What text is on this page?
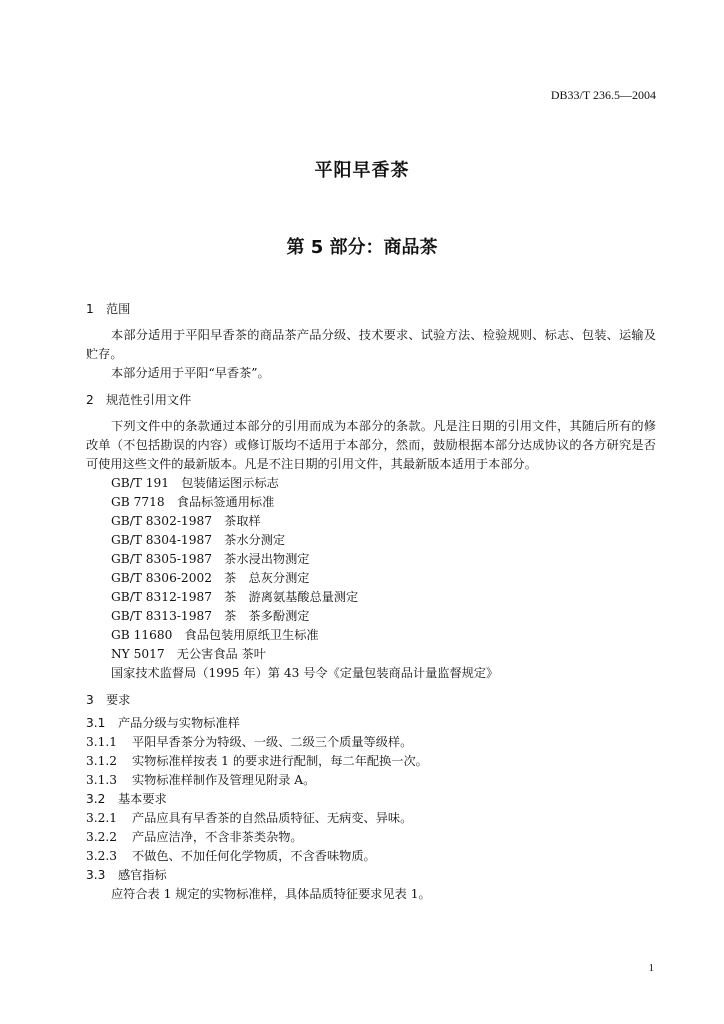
DB33/T 236.5—2004
平阳早香茶
第 5 部分：商品茶
1 范围

本部分适用于平阳早香茶的商品茶产品分级、技术要求、试验方法、检验规则、标志、包装、运输及贮存。

本部分适用于平阳“早香茶”。

2 规范性引用文件

下列文件中的条款通过本部分的引用而成为本部分的条款。凡是注日期的引用文件，其随后所有的修改单（不包括勘误的内容）或修订版均不适用于本部分，然而，鼓励根据本部分达成协议的各方研究是否可使用这些文件的最新版本。凡是不注日期的引用文件，其最新版本适用于本部分。

GB/T 191　包装储运图示标志
GB 7718　食品标签通用标准
GB/T 8302-1987　茶取样
GB/T 8304-1987　茶水分测定
GB/T 8305-1987　茶水浸出物测定
GB/T 8306-2002　茶　总灰分测定
GB/T 8312-1987　茶　游离氨基酸总量测定
GB/T 8313-1987　茶　茶多酚测定
GB 11680　食品包装用原纸卫生标准
NY 5017　无公害食品 茶叶
国家技术监督局（1995 年）第 43 号令《定量包装商品计量监督规定》
3 要求
3.1 产品分级与实物标准样
3.1.1 平阳早香茶分为特级、一级、二级三个质量等级样。
3.1.2 实物标准样按表 1 的要求进行配制，每二年配换一次。
3.1.3 实物标准样制作及管理见附录 A。
3.2 基本要求
3.2.1 产品应具有早香茶的自然品质特征、无病变、异味。
3.2.2 产品应洁净，不含非茶类杂物。
3.2.3 不做色、不加任何化学物质，不含香味物质。
3.3 感官指标

应符合表 1 规定的实物标准样，具体品质特征要求见表 1。

1
